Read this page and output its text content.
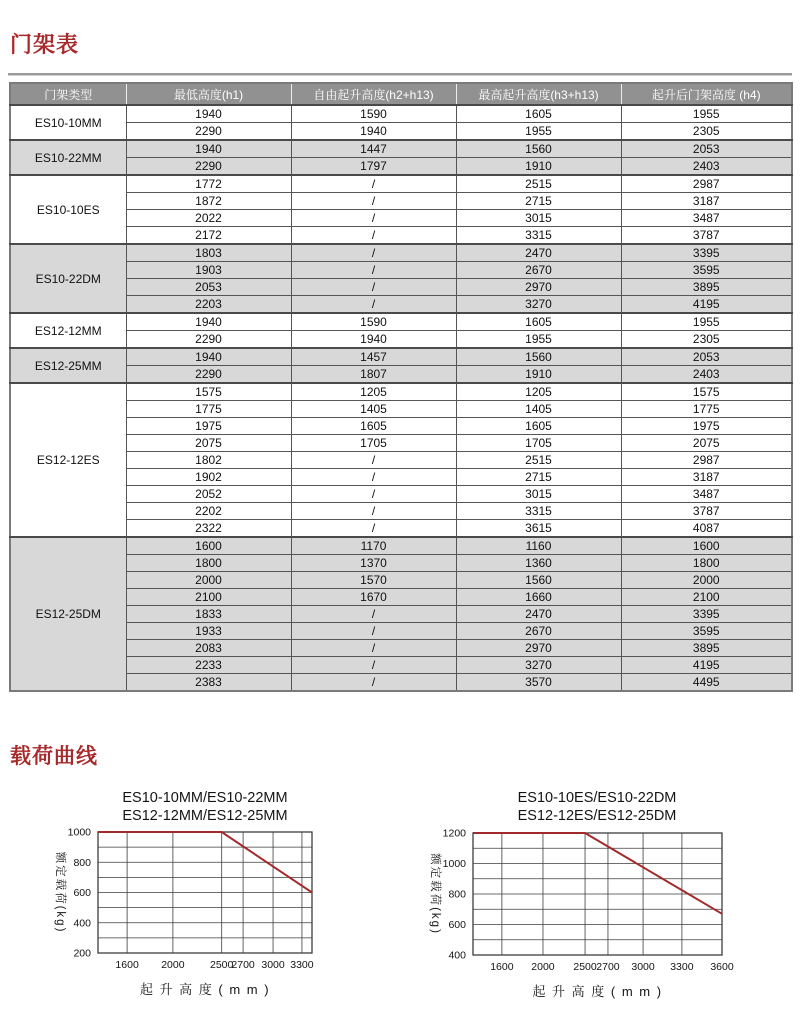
门架表
门架类型	最低高度(h1)	自由起升高度(h2+h13)	最高起升高度(h3+h13)	起升后门架高度 (h4)
ES10-10MM	1940	1590	1605	1955
	2290	1940	1955	2305
ES10-22MM	1940	1447	1560	2053
	2290	1797	1910	2403
ES10-10ES	1772	/	2515	2987
	1872	/	2715	3187
	2022	/	3015	3487
	2172	/	3315	3787
ES10-22DM	1803	/	2470	3395
	1903	/	2670	3595
	2053	/	2970	3895
	2203	/	3270	4195
ES12-12MM	1940	1590	1605	1955
	2290	1940	1955	2305
ES12-25MM	1940	1457	1560	2053
	2290	1807	1910	2403
ES12-12ES	1575	1205	1205	1575
	1775	1405	1405	1775
	1975	1605	1605	1975
	2075	1705	1705	2075
	1802	/	2515	2987
	1902	/	2715	3187
	2052	/	3015	3487
	2202	/	3315	3787
	2322	/	3615	4087
ES12-25DM	1600	1170	1160	1600
	1800	1370	1360	1800
	2000	1570	1560	2000
	2100	1670	1660	2100
	1833	/	2470	3395
	1933	/	2670	3595
	2083	/	2970	3895
	2233	/	3270	4195
	2383	/	3570	4495
载荷曲线
ES10-10MM/ES10-22MM
ES12-12MM/ES12-25MM
1000
800
600
400
200
1600 2000 2500
2700 3000 3300
起 升 高 度 ( m m )
额定载荷(kg)
ES10-10ES/ES10-22DM
ES12-12ES/ES12-25DM
1200
1000
800
600
400
1600 2000 2500 2700 3000 3300 3600
起 升 高 度 ( m m )
额定载荷(kg)
